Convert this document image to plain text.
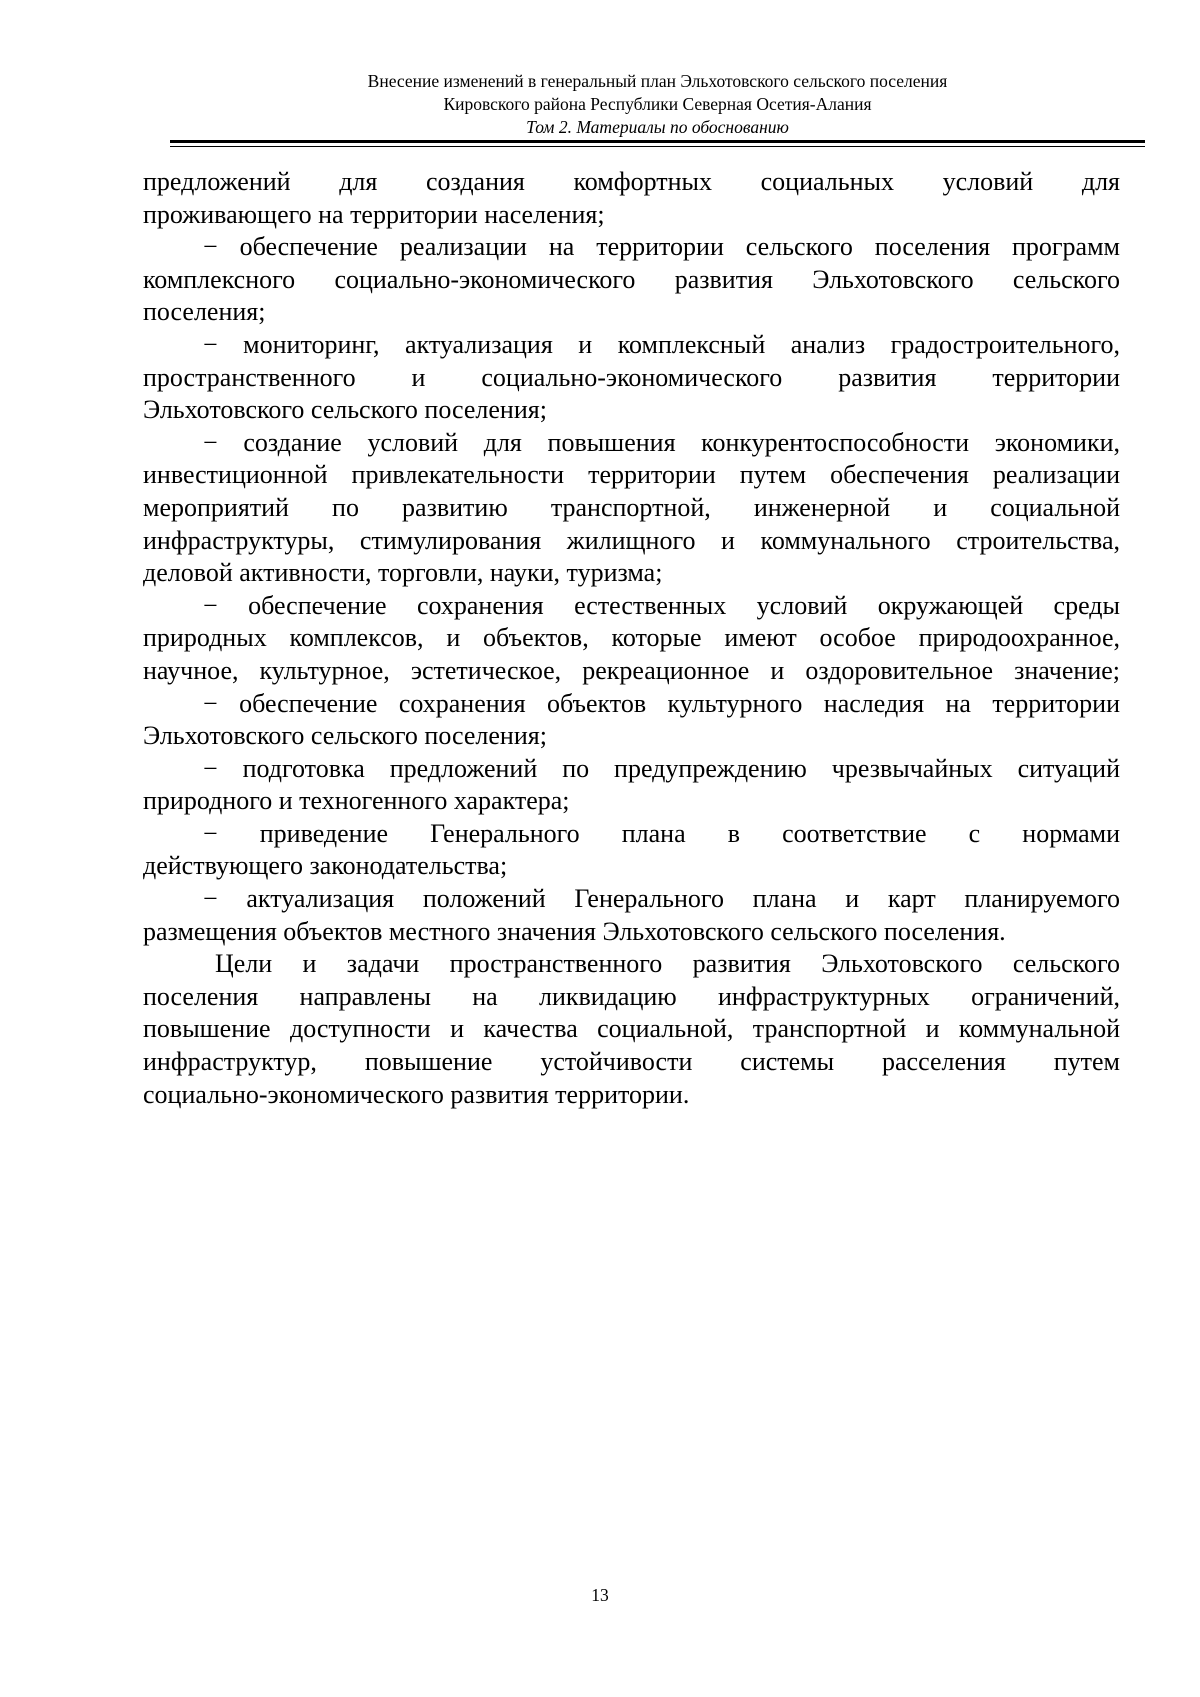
Внесение изменений в генеральный план Эльхотовского сельского поселения
Кировского района Республики Северная Осетия-Алания
Том 2. Материалы по обоснованию
предложений для создания комфортных социальных условий для
проживающего на территории населения;
− обеспечение реализации на территории сельского поселения программ
комплексного социально-экономического развития Эльхотовского сельского
поселения;
− мониторинг, актуализация и комплексный анализ градостроительного,
пространственного и социально-экономического развития территории
Эльхотовского сельского поселения;
− создание условий для повышения конкурентоспособности экономики,
инвестиционной привлекательности территории путем обеспечения реализации
мероприятий по развитию транспортной, инженерной и социальной
инфраструктуры, стимулирования жилищного и коммунального строительства,
деловой активности, торговли, науки, туризма;
− обеспечение сохранения естественных условий окружающей среды
природных комплексов, и объектов, которые имеют особое природоохранное,
научное, культурное, эстетическое, рекреационное и оздоровительное значение;
− обеспечение сохранения объектов культурного наследия на территории
Эльхотовского сельского поселения;
− подготовка предложений по предупреждению чрезвычайных ситуаций
природного и техногенного характера;
− приведение Генерального плана в соответствие с нормами
действующего законодательства;
− актуализация положений Генерального плана и карт планируемого
размещения объектов местного значения Эльхотовского сельского поселения.
Цели и задачи пространственного развития Эльхотовского сельского
поселения направлены на ликвидацию инфраструктурных ограничений,
повышение доступности и качества социальной, транспортной и коммунальной
инфраструктур, повышение устойчивости системы расселения путем
социально-экономического развития территории.
13
